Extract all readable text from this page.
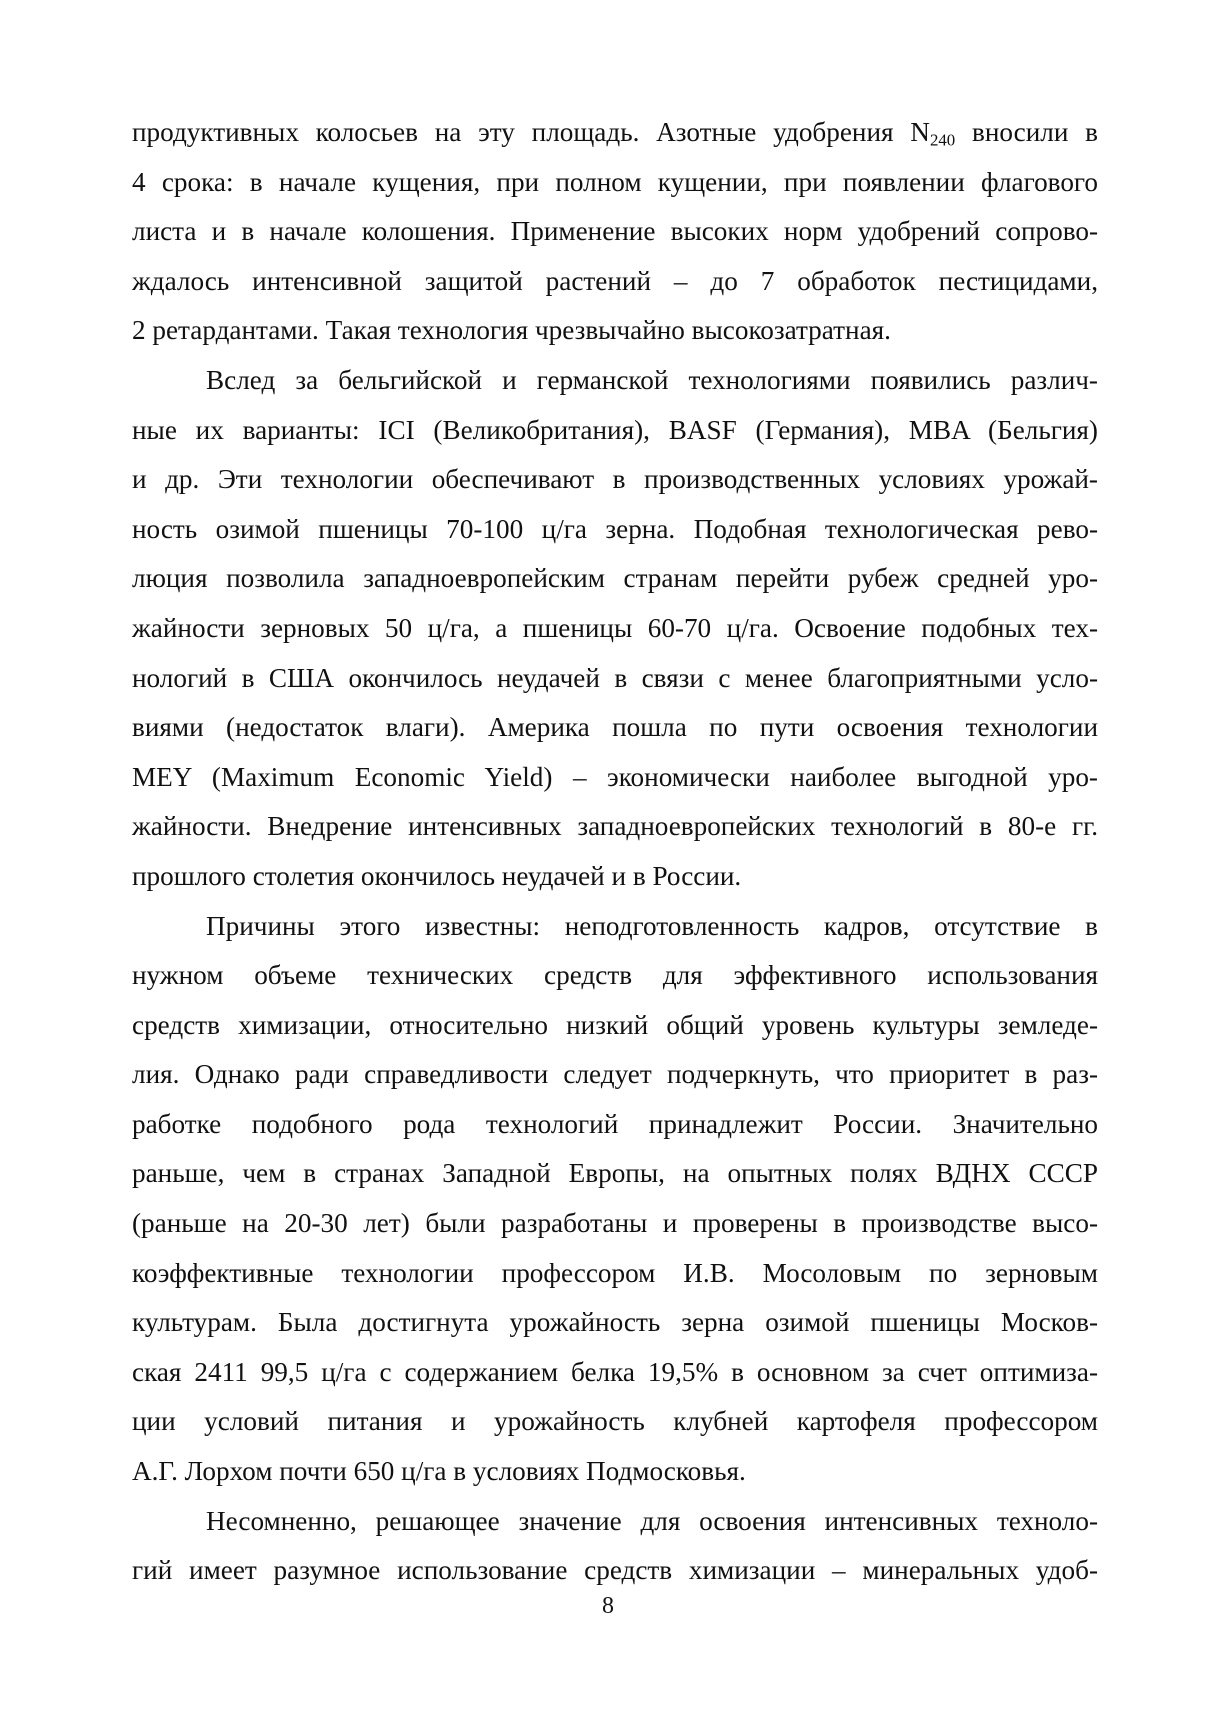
продуктивных колосьев на эту площадь. Азотные удобрения $N_{240}$ вносили в
4 срока: в начале кущения, при полном кущении, при появлении флагового
листа и в начале колошения. Применение высоких норм удобрений сопрово-
ждалось интенсивной защитой растений – до 7 обработок пестицидами,
2 ретардантами. Такая технология чрезвычайно высокозатратная.
Вслед за бельгийской и германской технологиями появились различ-
ные их варианты: ICI (Великобритания), BASF (Германия), MBA (Бельгия)
и др. Эти технологии обеспечивают в производственных условиях урожай-
ность озимой пшеницы 70-100 ц/га зерна. Подобная технологическая рево-
люция позволила западноевропейским странам перейти рубеж средней уро-
жайности зерновых 50 ц/га, а пшеницы 60-70 ц/га. Освоение подобных тех-
нологий в США окончилось неудачей в связи с менее благоприятными усло-
виями (недостаток влаги). Америка пошла по пути освоения технологии
MEY (Maximum Economic Yield) – экономически наиболее выгодной уро-
жайности. Внедрение интенсивных западноевропейских технологий в 80-е гг.
прошлого столетия окончилось неудачей и в России.
Причины этого известны: неподготовленность кадров, отсутствие в
нужном объеме технических средств для эффективного использования
средств химизации, относительно низкий общий уровень культуры земледе-
лия. Однако ради справедливости следует подчеркнуть, что приоритет в раз-
работке подобного рода технологий принадлежит России. Значительно
раньше, чем в странах Западной Европы, на опытных полях ВДНХ СССР
(раньше на 20-30 лет) были разработаны и проверены в производстве высо-
коэффективные технологии профессором И.В. Мосоловым по зерновым
культурам. Была достигнута урожайность зерна озимой пшеницы Москов-
ская 2411 99,5 ц/га с содержанием белка 19,5% в основном за счет оптимиза-
ции условий питания и урожайность клубней картофеля профессором
А.Г. Лорхом почти 650 ц/га в условиях Подмосковья.
Несомненно, решающее значение для освоения интенсивных техноло-
гий имеет разумное использование средств химизации – минеральных удоб-
8
